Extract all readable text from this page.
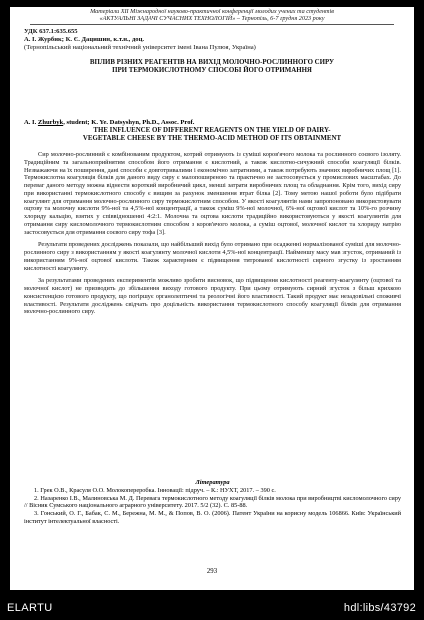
Матеріали XII Міжнародної науково-практичної конференції молодих учених та студентів
«АКТУАЛЬНІ ЗАДАЧІ СУЧАСНИХ ТЕХНОЛОГІЙ» – Тернопіль, 6-7 грудня 2023 року
УДК 637.1:635.655
А. І. Журбик; К. Є. Дацишин, к.т.н., доц.
(Тернопільський національний технічний університет імені Івана Пулюя, Україна)
ВПЛИВ РІЗНИХ РЕАГЕНТІВ НА ВИХІД МОЛОЧНО-РОСЛИННОГО СИРУ
ПРИ ТЕРМОКИСЛОТНОМУ СПОСОБІ ЙОГО ОТРИМАННЯ
A. I. Zhurbyk, student; K. Ye. Datsyshyn, Ph.D., Assoc. Prof.
THE INFLUENCE OF DIFFERENT REAGENTS ON THE YIELD OF DAIRY-
VEGETABLE CHEESE BY THE THERMO-ACID METHOD OF ITS OBTAINMENT

Сир молочно-рослинний є комбінованим продуктом, котрий отримують із суміші коров'ячого молока та рослинного соєвого ізоляту. Традиційним та загальноприйнятим способом його отримання є кислотний, а також кислотно-сичужний способи коагуляції білків. Незважаючи на їх поширення, дані способи є довготривалими і економічно затратними, а також потребують значних виробничих площ [1]. Термокислотна коагуляція білків для даного виду сиру є малопоширеною та практично не застосовується у промислових масштабах. До переваг даного методу можна віднести короткий виробничий цикл, менші затрати виробничих площ та обладнання. Крім того, вихід сиру при використанні термокислотного способу є вищим за рахунок зменшення втрат білка [2]. Тому метою нашої роботи було підібрати коагулянт для отримання молочно-рослинного сиру термокислотним способом. У якості коагулянтів нами запропоновано використовувати оцтову та молочну кислоти 9%-ної та 4,5%-ної концентрації, а також суміш 9%-ної молочної, 6%-ної оцтової кислот та 10%-го розчину хлориду кальцію, взятих у співвідношенні 4:2:1. Молочна та оцтова кислоти традиційно використовуються у якості коагулянтів для отримання сиру кисломолочного термокислотним способом з коров'ячого молока, а суміш оцтової, молочної кислот та хлориду натрію застосовується для отримання соєвого сиру тофа [3].

Результати проведених досліджень показали, що найбільший вихід було отримано при осадженні нормалізованої суміші для молочно-рослинного сиру з використанням у якості коагулянту молочної кислоти 4,5%-ної концентрації. Найменшу масу мав згусток, отриманий із використанням 9%-ної оцтової кислоти. Також характерним є підвищення титрованої кислотності сирного згустку із зростанням кислотності коагулянту.

За результатами проведених експериментів можливо зробити висновок, що підвищення кислотності реагенту-коагулянту (оцтової та молочної кислот) не призводить до збільшення виходу готового продукту. При цьому отримують сирний згусток з більш крихкою консистенцією готового продукту, що погіршує органолептичні та реологічні його властивості. Такий продукт має незадовільні споживчі властивості. Результати досліджень свідчать про доцільність використання термокислотного способу коагуляції білків для отримання молочно-рослинного сиру.

Література

1. Грек О.В., Красуля О.О. Молокопереробка. Інновації: підруч. – К.: НУХТ, 2017. – 390 с.

2. Назаренко І.В., Малиновська М. Д. Перевага термокислотного методу коагуляції білків молока при виробництві кисломолочного сиру // Вісник Сумського національного аграрного університету. 2017. 5/2 (32). С. 85-88.

3. Гонський, О. Г., Бабак, С. М., Бережна, М. М., & Попов, В. О. (2006). Патент України на корисну модель 106866. Київ: Український інститут інтелектуальної власності.

293
ELARTU	hdl:libs/43792
